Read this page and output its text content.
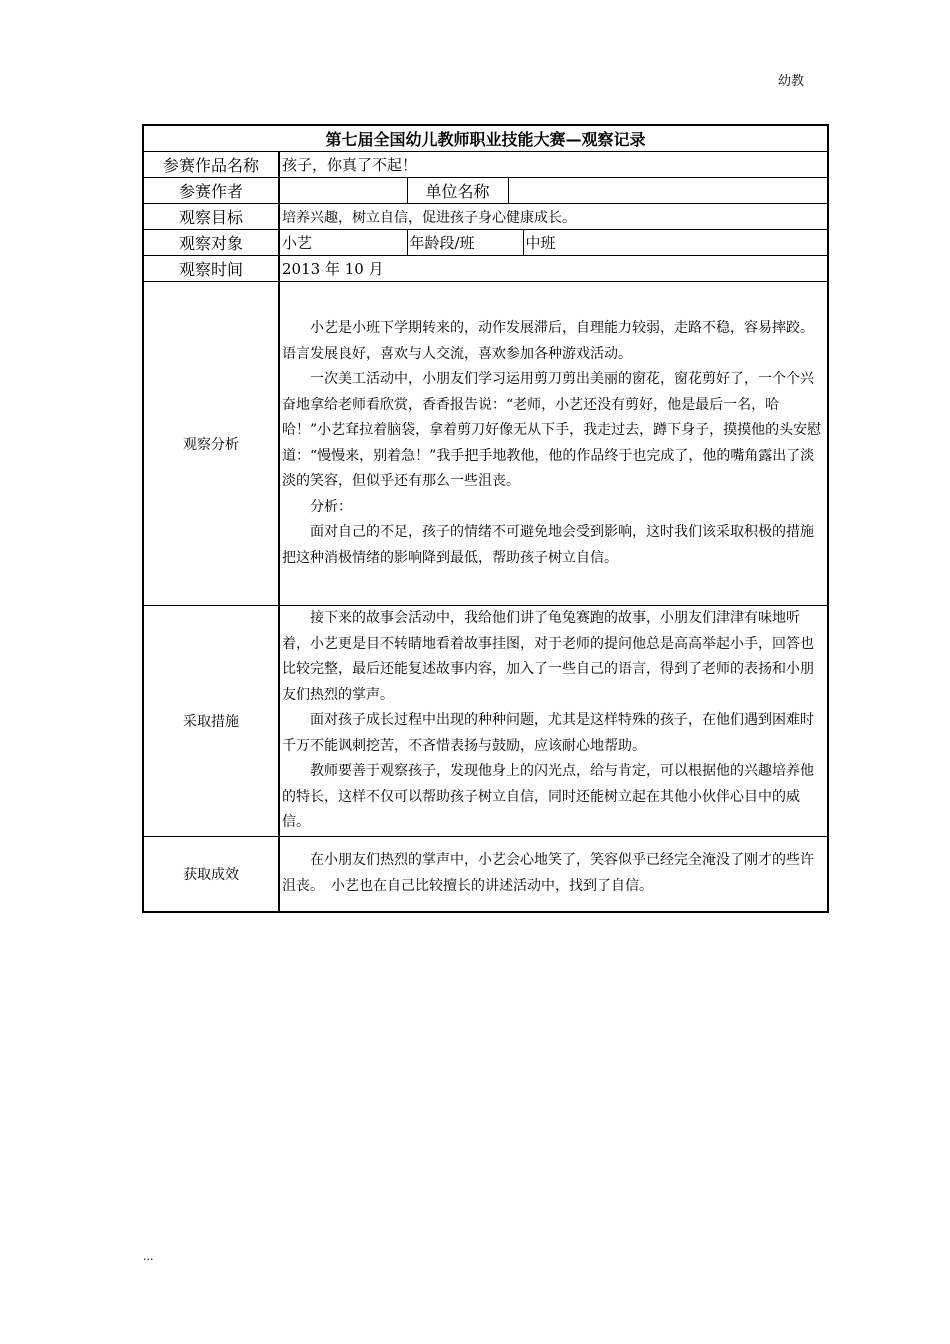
幼教
第七届全国幼儿教师职业技能大赛—观察记录				
参赛作品名称	孩子，你真了不起！			
参赛作者		单位名称		
观察目标	培养兴趣，树立自信，促进孩子身心健康成长。			
观察对象	小艺	年龄段/班		中班
观察时间	2013 年 10 月			
观察分析	小艺是小班下学期转来的，动作发展滞后，自理能力较弱，走路不稳，容易摔跤。　语言发展良好，喜欢与人交流，喜欢参加各种游戏活动。

一次美工活动中，小朋友们学习运用剪刀剪出美丽的窗花，窗花剪好了，一个个兴奋地拿给老师看欣赏，香香报告说：“老师，小艺还没有剪好，他是最后一名，哈哈！”小艺耷拉着脑袋，拿着剪刀好像无从下手，我走过去，蹲下身子，摸摸他的头安慰道：“慢慢来，别着急！”我手把手地教他，他的作品终于也完成了，他的嘴角露出了淡淡的笑容，但似乎还有那么一些沮丧。

分析：

面对自己的不足，孩子的情绪不可避免地会受到影响，这时我们该采取积极的措施把这种消极情绪的影响降到最低，帮助孩子树立自信。			

采取措施	接下来的故事会活动中，我给他们讲了龟兔赛跑的故事，小朋友们津津有味地听着，小艺更是目不转睛地看着故事挂图，对于老师的提问他总是高高举起小手，回答也比较完整，最后还能复述故事内容，加入了一些自己的语言，得到了老师的表扬和小朋友们热烈的掌声。

面对孩子成长过程中出现的种种问题，尤其是这样特殊的孩子，在他们遇到困难时千万不能讽刺挖苦，不吝惜表扬与鼓励，应该耐心地帮助。

教师要善于观察孩子，发现他身上的闪光点，给与肯定，可以根据他的兴趣培养他的特长，这样不仅可以帮助孩子树立自信，同时还能树立起在其他小伙伴心目中的威信。			

获取成效	在小朋友们热烈的掌声中，小艺会心地笑了，笑容似乎已经完全淹没了刚才的些许沮丧。　小艺也在自己比较擅长的讲述活动中，找到了自信。			

...
